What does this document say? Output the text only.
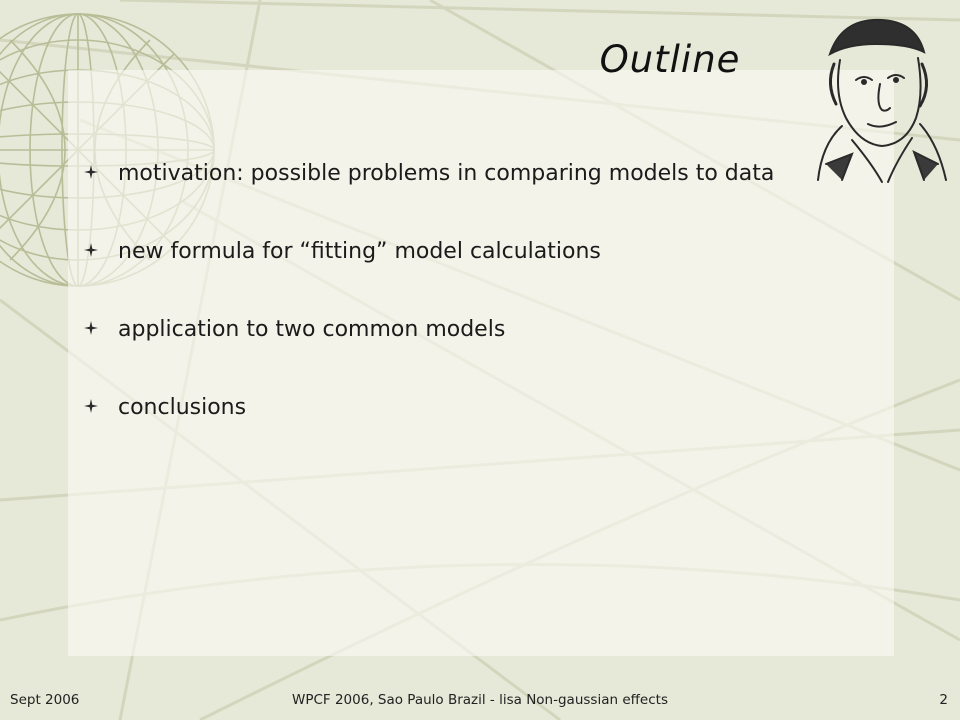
Outline
motivation: possible problems in comparing models to data
new formula for “fitting” model calculations
application to two common models
conclusions
Sept 2006	WPCF 2006, Sao Paulo Brazil - lisa Non-gaussian effects	2
